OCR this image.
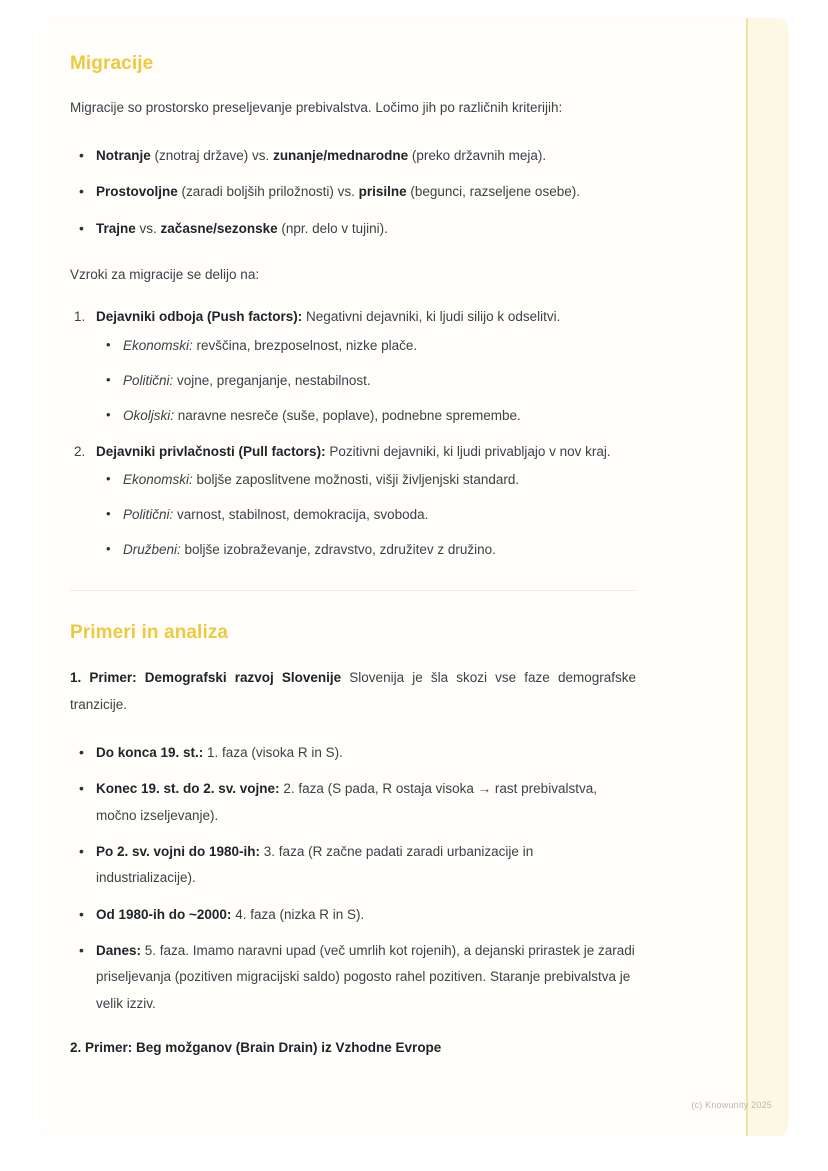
Migracije

Migracije so prostorsko preseljevanje prebivalstva. Ločimo jih po različnih kriterijih:

• Notranje (znotraj države) vs. zunanje/mednarodne (preko državnih meja).
• Prostovoljne (zaradi boljših priložnosti) vs. prisilne (begunci, razseljene osebe).
• Trajne vs. začasne/sezonske (npr. delo v tujini).

Vzroki za migracije se delijo na:

Dejavniki odboja (Push factors): Negativni dejavniki, ki ljudi silijo k odselitvi.
• Ekonomski: revščina, brezposelnost, nizke plače.
• Politični: vojne, preganjanje, nestabilnost.
• Okoljski: naravne nesreče (suše, poplave), podnebne spremembe.
Dejavniki privlačnosti (Pull factors): Pozitivni dejavniki, ki ljudi privabljajo v nov kraj.
• Ekonomski: boljše zaposlitvene možnosti, višji življenjski standard.
• Politični: varnost, stabilnost, demokracija, svoboda.
• Družbeni: boljše izobraževanje, zdravstvo, združitev z družino.
Primeri in analiza

1. Primer: Demografski razvoj Slovenije Slovenija je šla skozi vse faze demografske tranzicije.

• Do konca 19. st.: 1. faza (visoka R in S).
• Konec 19. st. do 2. sv. vojne: 2. faza (S pada, R ostaja visoka → rast prebivalstva, močno izseljevanje).
• Po 2. sv. vojni do 1980-ih: 3. faza (R začne padati zaradi urbanizacije in industrializacije).
• Od 1980-ih do ~2000: 4. faza (nizka R in S).
• Danes: 5. faza. Imamo naravni upad (več umrlih kot rojenih), a dejanski prirastek je zaradi priseljevanja (pozitiven migracijski saldo) pogosto rahel pozitiven. Staranje prebivalstva je velik izziv.

2. Primer: Beg možganov (Brain Drain) iz Vzhodne Evrope

(c) Knowunity 2025
